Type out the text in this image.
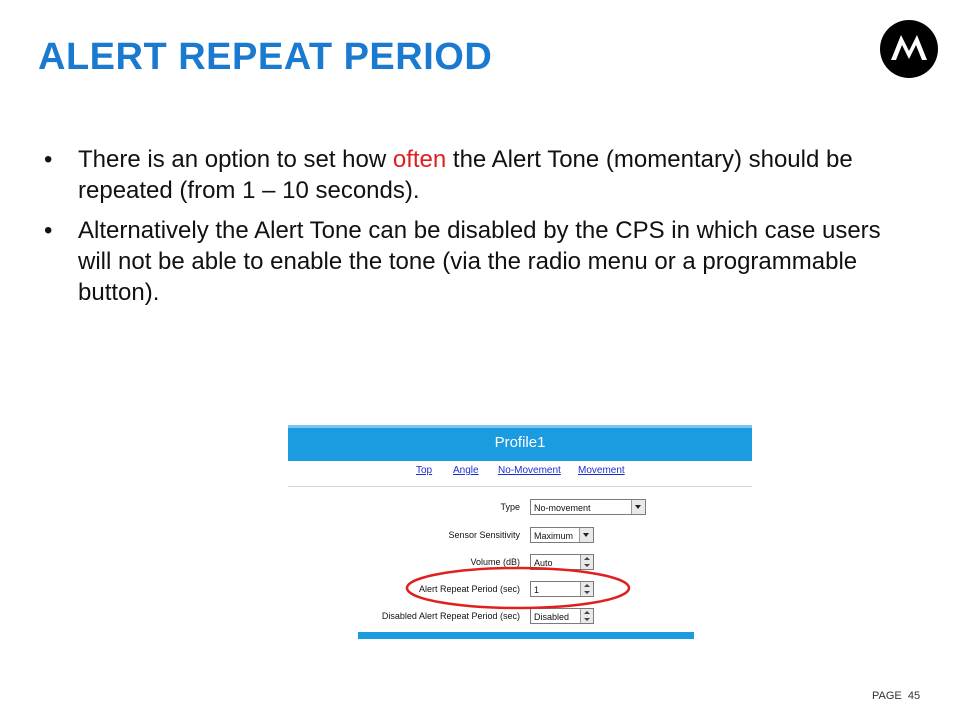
ALERT REPEAT PERIOD
• There is an option to set how often the Alert Tone (momentary) should be repeated (from 1 – 10 seconds).
• Alternatively the Alert Tone can be disabled by the CPS in which case users will not be able to enable the tone (via the radio menu or a programmable button).
Profile1
Top Angle No-Movement Movement
Type	No-movement
Sensor Sensitivity	Maximum
Volume (dB)	Auto
Alert Repeat Period (sec)	1
Disabled Alert Repeat Period (sec)	Disabled
PAGE 45
